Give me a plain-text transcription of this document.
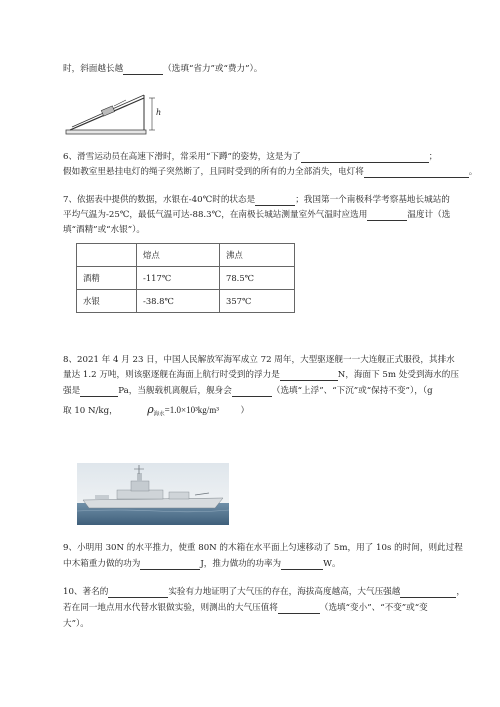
时，斜面越长越	（选填“省力”或“费力”）。
h
6、滑雪运动员在高速下滑时，常采用“下蹲”的姿势，这是为了	；
假如教室里悬挂电灯的绳子突然断了，且同时受到的所有的力全部消失，电灯将	。
7、依据表中提供的数据，水银在-40℃时的状态是	；我国第一个南极科学考察基地长城站的
平均气温为-25℃，最低气温可达-88.3℃，在南极长城站测量室外气温时应选用	温度计（选
填“酒精”或“水银”）。
	熔点	沸点
酒精	-117℃	78.5℃
水银	-38.8℃	357℃
8、2021 年 4 月 23 日，中国人民解放军海军成立 72 周年，大型驱逐舰一一大连舰正式服役，其排水
量达 1.2 万吨，则该驱逐舰在海面上航行时受到的浮力是	N，海面下 5m 处受到海水的压
强是	Pa，当舰载机离舰后，舰身会	（选填“上浮”、“下沉”或“保持不变”），（g
取 10 N/kg，	$\rho_{海水}=1.0\times 10^3kg/m^3$ ）
9、小明用 30N 的水平推力，使重 80N 的木箱在水平面上匀速移动了 5m，用了 10s 的时间，则此过程
中木箱重力做的功为	J，推力做功的功率为	W。
10、著名的	实验有力地证明了大气压的存在，海拔高度越高，大气压强越	，
若在同一地点用水代替水银做实验，则测出的大气压值将	（选填“变小”、“不变”或“变
大”）。
